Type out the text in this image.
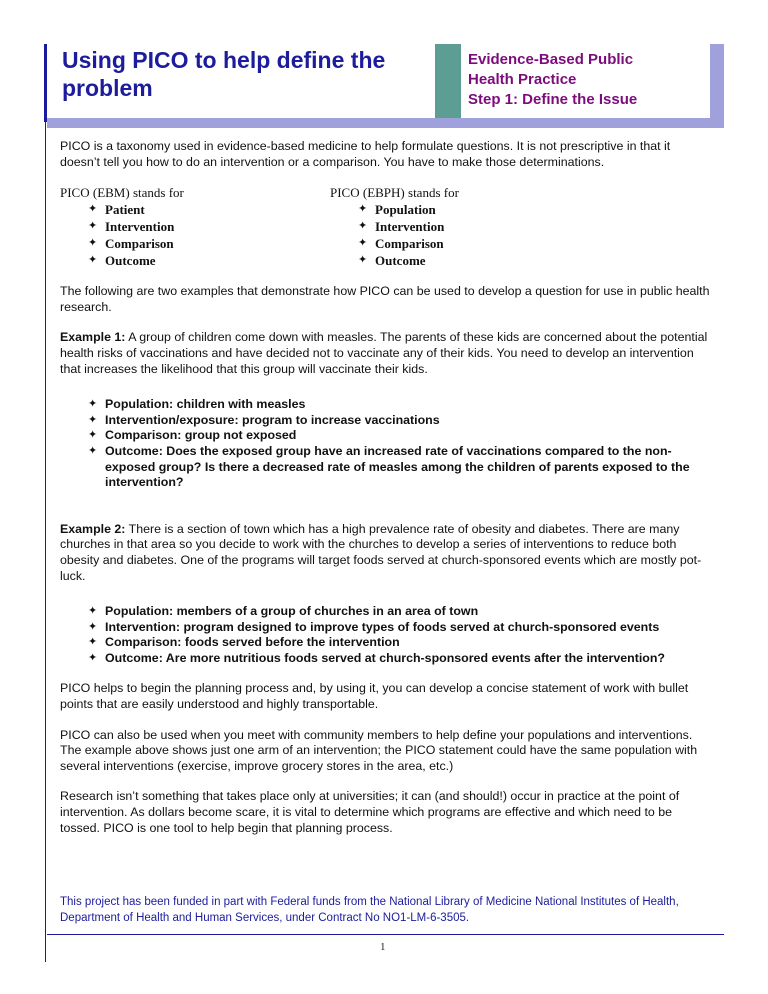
Using PICO to help define the problem
Evidence-Based Public
Health Practice
Step 1: Define the Issue

PICO is a taxonomy used in evidence-based medicine to help formulate questions. It is not prescriptive in that it doesn’t tell you how to do an intervention or a comparison. You have to make those determinations.

PICO (EBM) stands for
✦ Patient
✦ Intervention
✦ Comparison
✦ Outcome
PICO (EBPH) stands for
✦ Population
✦ Intervention
✦ Comparison
✦ Outcome

The following are two examples that demonstrate how PICO can be used to develop a question for use in public health research.

Example 1: A group of children come down with measles. The parents of these kids are concerned about the potential health risks of vaccinations and have decided not to vaccinate any of their kids. You need to develop an intervention that increases the likelihood that this group will vaccinate their kids.

✦ Population: children with measles
✦ Intervention/exposure: program to increase vaccinations
✦ Comparison: group not exposed
✦ Outcome: Does the exposed group have an increased rate of vaccinations compared to the non-exposed group? Is there a decreased rate of measles among the children of parents exposed to the intervention?

Example 2: There is a section of town which has a high prevalence rate of obesity and diabetes. There are many churches in that area so you decide to work with the churches to develop a series of interventions to reduce both obesity and diabetes. One of the programs will target foods served at church-sponsored events which are mostly pot-luck.

✦ Population: members of a group of churches in an area of town
✦ Intervention: program designed to improve types of foods served at church-sponsored events
✦ Comparison: foods served before the intervention
✦ Outcome: Are more nutritious foods served at church-sponsored events after the intervention?

PICO helps to begin the planning process and, by using it, you can develop a concise statement of work with bullet points that are easily understood and highly transportable.

PICO can also be used when you meet with community members to help define your populations and interventions. The example above shows just one arm of an intervention; the PICO statement could have the same population with several interventions (exercise, improve grocery stores in the area, etc.)

Research isn’t something that takes place only at universities; it can (and should!) occur in practice at the point of intervention. As dollars become scare, it is vital to determine which programs are effective and which need to be tossed. PICO is one tool to help begin that planning process.

This project has been funded in part with Federal funds from the National Library of Medicine National Institutes of Health, Department of Health and Human Services, under Contract No NO1-LM-6-3505.
1
